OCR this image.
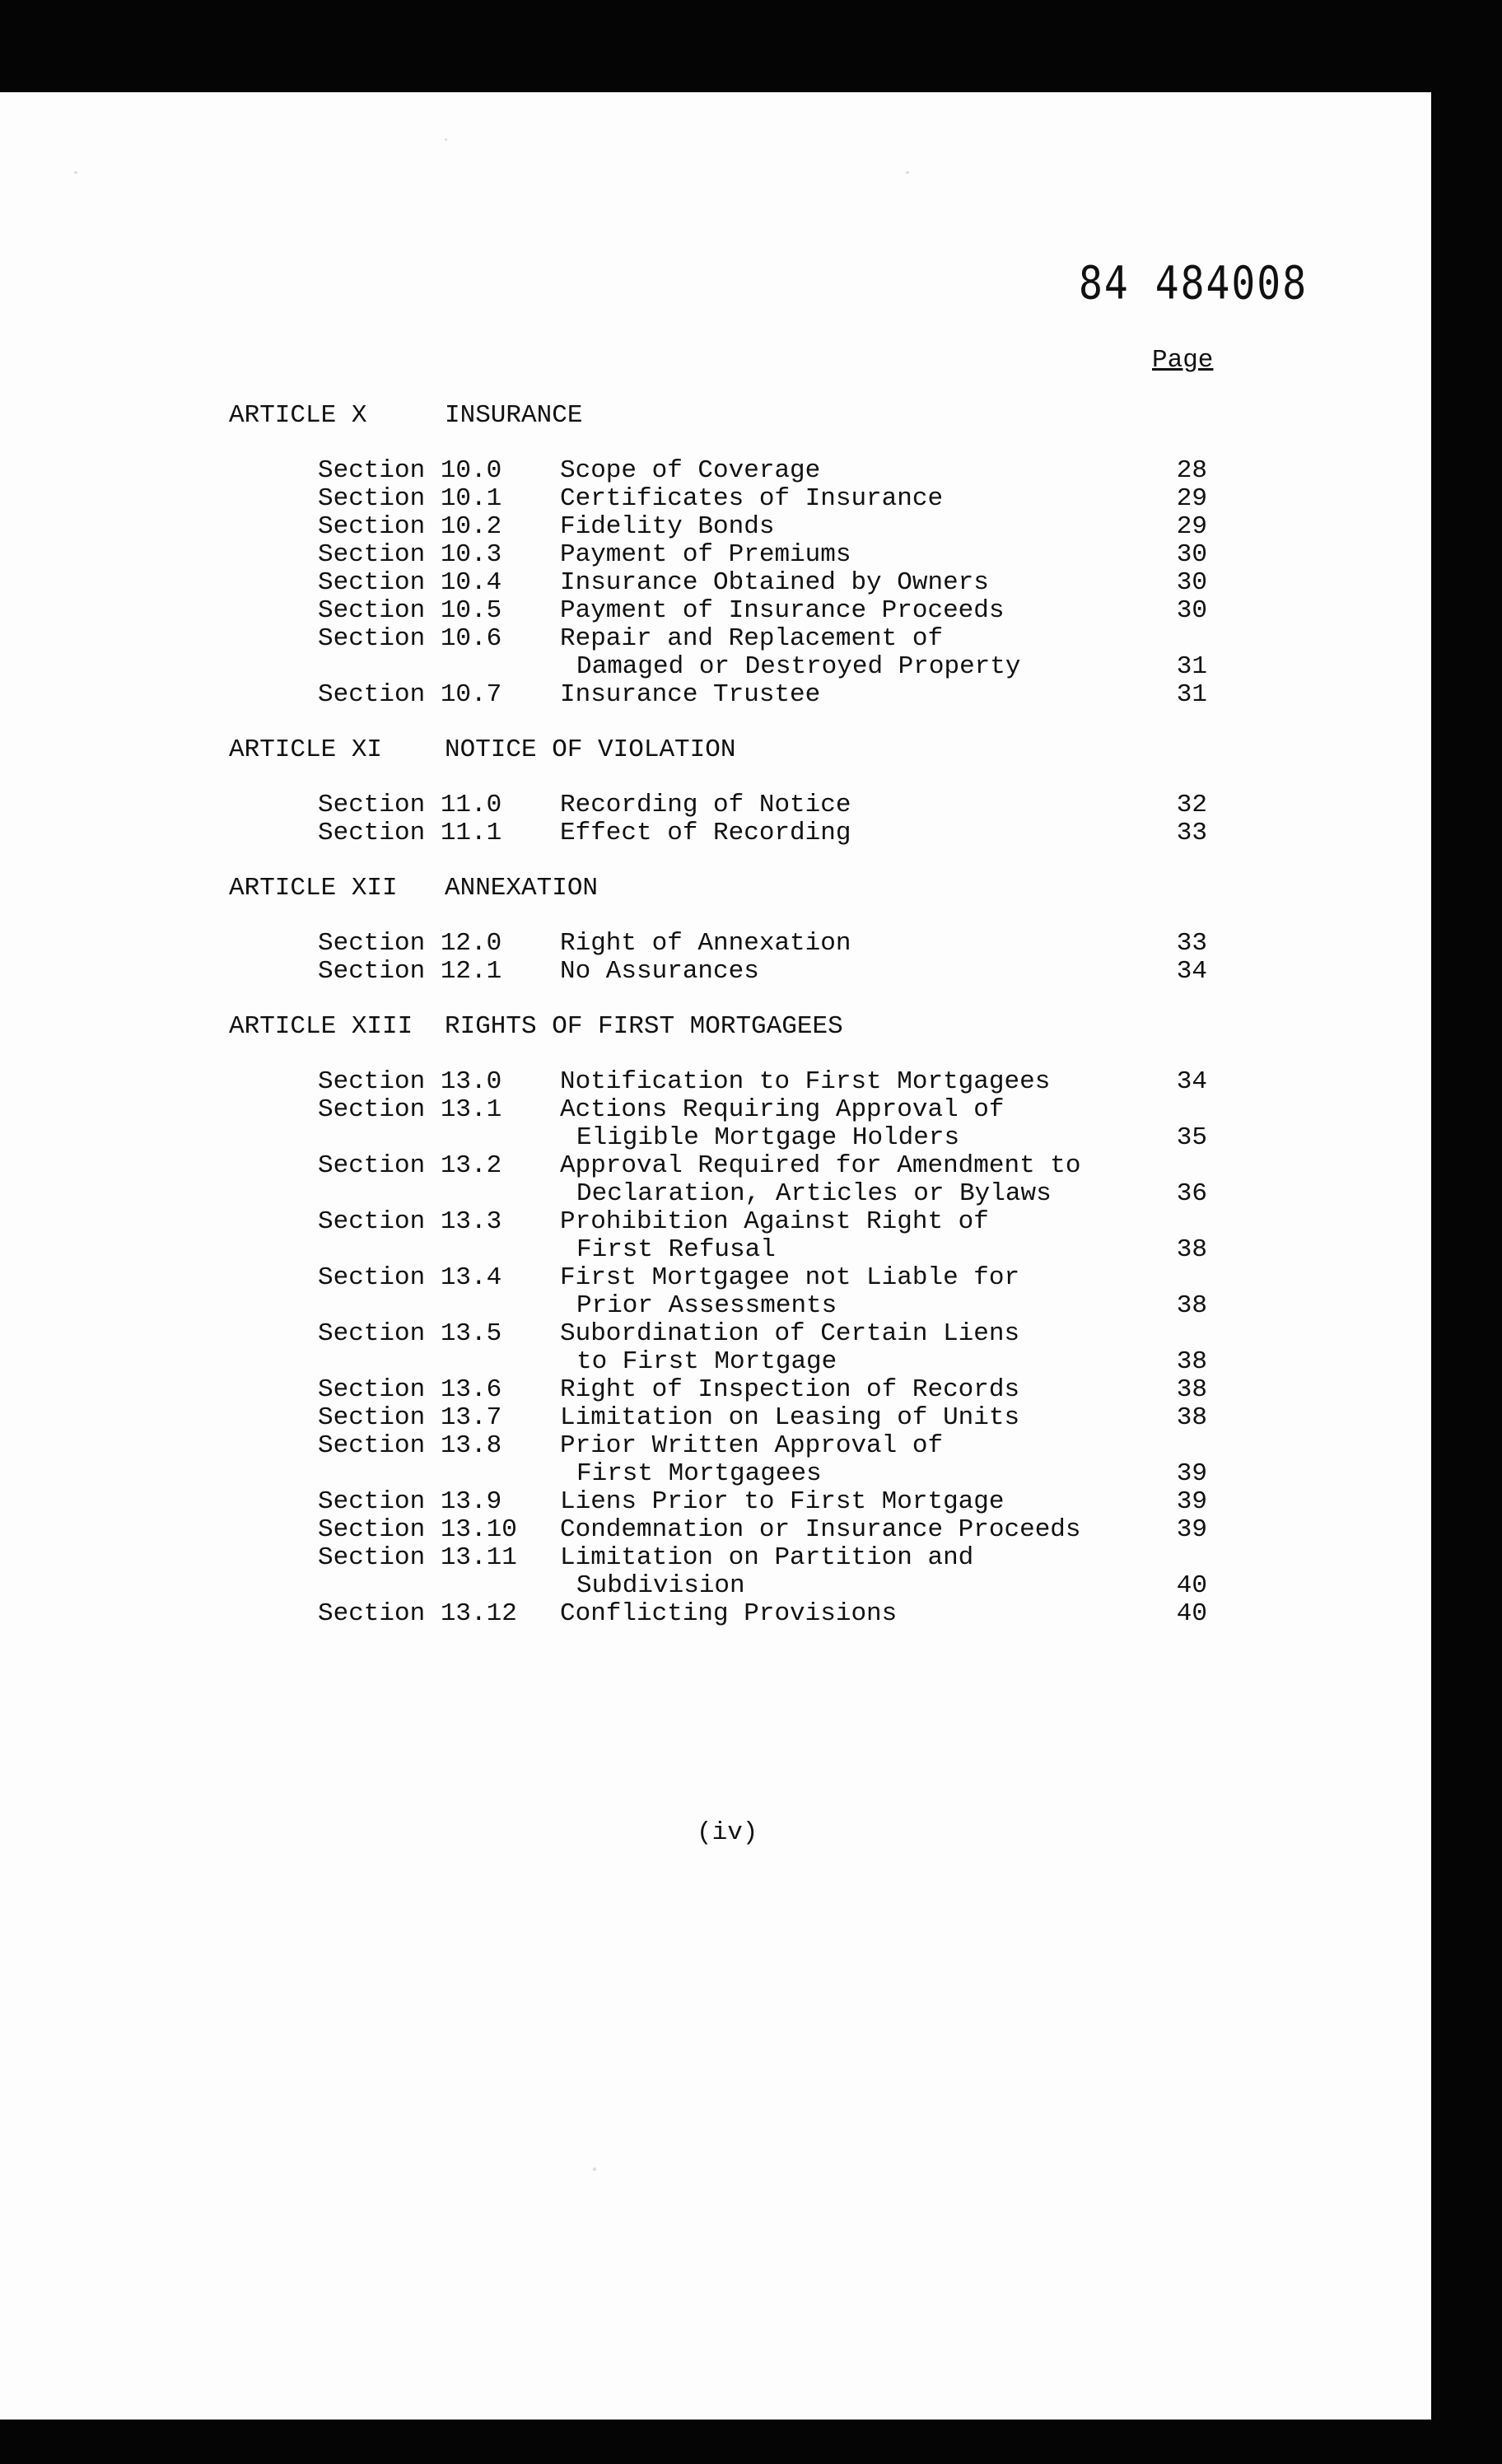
84 484008
Page
ARTICLE X	INSURANCE
Section 10.0 Scope of Coverage	28
Section 10.1 Certificates of Insurance	29
Section 10.2 Fidelity Bonds	29
Section 10.3 Payment of Premiums	30
Section 10.4 Insurance Obtained by Owners	30
Section 10.5 Payment of Insurance Proceeds	30
Section 10.6 Repair and Replacement of
Damaged or Destroyed Property	31
Section 10.7 Insurance Trustee	31
ARTICLE XI NOTICE OF VIOLATION
Section 11.0 Recording of Notice	32
Section 11.1 Effect of Recording	33
ARTICLE XII ANNEXATION
Section 12.0 Right of Annexation	33
Section 12.1 No Assurances	34
ARTICLE XIII RIGHTS OF FIRST MORTGAGEES
Section 13.0 Notification to First Mortgagees	34
Section 13.1 Actions Requiring Approval of
Eligible Mortgage Holders	35
Section 13.2 Approval Required for Amendment to
Declaration, Articles or Bylaws	36
Section 13.3 Prohibition Against Right of
First Refusal	38
Section 13.4 First Mortgagee not Liable for
Prior Assessments	38
Section 13.5 Subordination of Certain Liens
to First Mortgage	38
Section 13.6 Right of Inspection of Records	38
Section 13.7 Limitation on Leasing of Units	38
Section 13.8 Prior Written Approval of
First Mortgagees	39
Section 13.9 Liens Prior to First Mortgage	39
Section 13.10 Condemnation or Insurance Proceeds	39
Section 13.11 Limitation on Partition and
Subdivision	40
Section 13.12 Conflicting Provisions	40
(iv)
